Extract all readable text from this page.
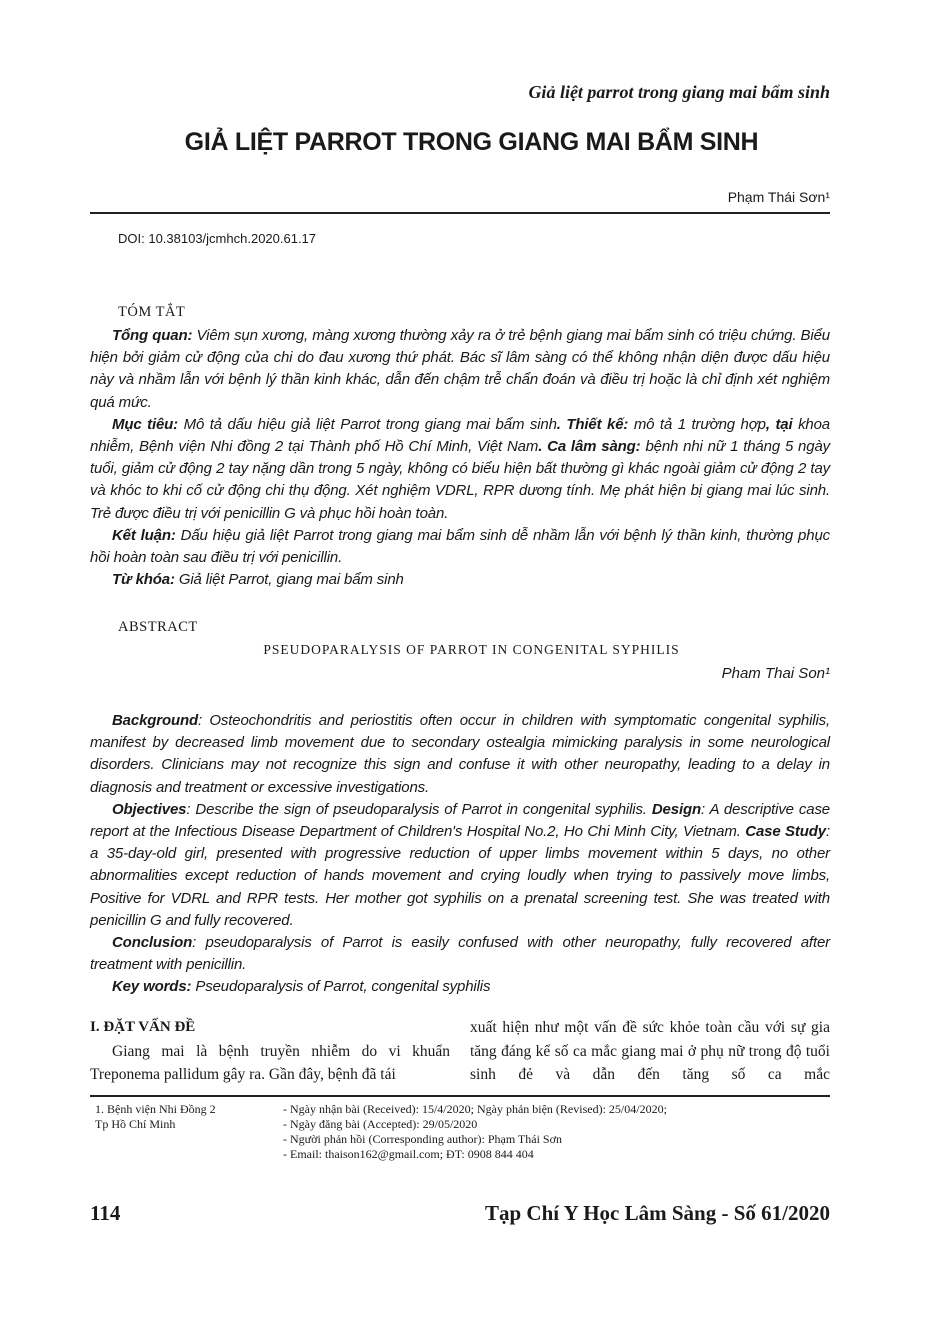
Giả liệt parrot trong giang mai bẩm sinh
GIẢ LIỆT PARROT TRONG GIANG MAI BẨM SINH
Phạm Thái Sơn¹
DOI: 10.38103/jcmhch.2020.61.17
TÓM TẮT

Tổng quan: Viêm sụn xương, màng xương thường xảy ra ở trẻ bệnh giang mai bẩm sinh có triệu chứng. Biểu hiện bởi giảm cử động của chi do đau xương thứ phát. Bác sĩ lâm sàng có thể không nhận diện được dấu hiệu này và nhầm lẫn với bệnh lý thần kinh khác, dẫn đến chậm trễ chẩn đoán và điều trị hoặc là chỉ định xét nghiệm quá mức.

Mục tiêu: Mô tả dấu hiệu giả liệt Parrot trong giang mai bẩm sinh. Thiết kế: mô tả 1 trường hợp, tại khoa nhiễm, Bệnh viện Nhi đồng 2 tại Thành phố Hồ Chí Minh, Việt Nam. Ca lâm sàng: bệnh nhi nữ 1 tháng 5 ngày tuổi, giảm cử động 2 tay nặng dần trong 5 ngày, không có biểu hiện bất thường gì khác ngoài giảm cử động 2 tay và khóc to khi cố cử động chi thụ động. Xét nghiệm VDRL, RPR dương tính. Mẹ phát hiện bị giang mai lúc sinh. Trẻ được điều trị với penicillin G và phục hồi hoàn toàn.

Kết luận: Dấu hiệu giả liệt Parrot trong giang mai bẩm sinh dễ nhầm lẫn với bệnh lý thần kinh, thường phục hồi hoàn toàn sau điều trị với penicillin.

Từ khóa: Giả liệt Parrot, giang mai bẩm sinh

ABSTRACT
PSEUDOPARALYSIS OF PARROT IN CONGENITAL SYPHILIS
Pham Thai Son¹

Background: Osteochondritis and periostitis often occur in children with symptomatic congenital syphilis, manifest by decreased limb movement due to secondary ostealgia mimicking paralysis in some neurological disorders. Clinicians may not recognize this sign and confuse it with other neuropathy, leading to a delay in diagnosis and treatment or excessive investigations.

Objectives: Describe the sign of pseudoparalysis of Parrot in congenital syphilis. Design: A descriptive case report at the Infectious Disease Department of Children's Hospital No.2, Ho Chi Minh City, Vietnam. Case Study: a 35-day-old girl, presented with progressive reduction of upper limbs movement within 5 days, no other abnormalities except reduction of hands movement and crying loudly when trying to passively move limbs, Positive for VDRL and RPR tests. Her mother got syphilis on a prenatal screening test. She was treated with penicillin G and fully recovered.

Conclusion: pseudoparalysis of Parrot is easily confused with other neuropathy, fully recovered after treatment with penicillin.

Key words: Pseudoparalysis of Parrot, congenital syphilis

I. ĐẶT VẤN ĐỀ
Giang mai là bệnh truyền nhiễm do vi khuẩn Treponema pallidum gây ra. Gần đây, bệnh đã tái
xuất hiện như một vấn đề sức khỏe toàn cầu với sự gia tăng đáng kể số ca mắc giang mai ở phụ nữ trong độ tuổi sinh đẻ và dẫn đến tăng số ca mắc
1. Bệnh viện Nhi Đồng 2
Tp Hồ Chí Minh
- Ngày nhận bài (Received): 15/4/2020; Ngày phản biện (Revised): 25/04/2020;
- Ngày đăng bài (Accepted): 29/05/2020
- Người phản hồi (Corresponding author): Phạm Thái Sơn
- Email: thaison162@gmail.com; ĐT: 0908 844 404
114	Tạp Chí Y Học Lâm Sàng - Số 61/2020
